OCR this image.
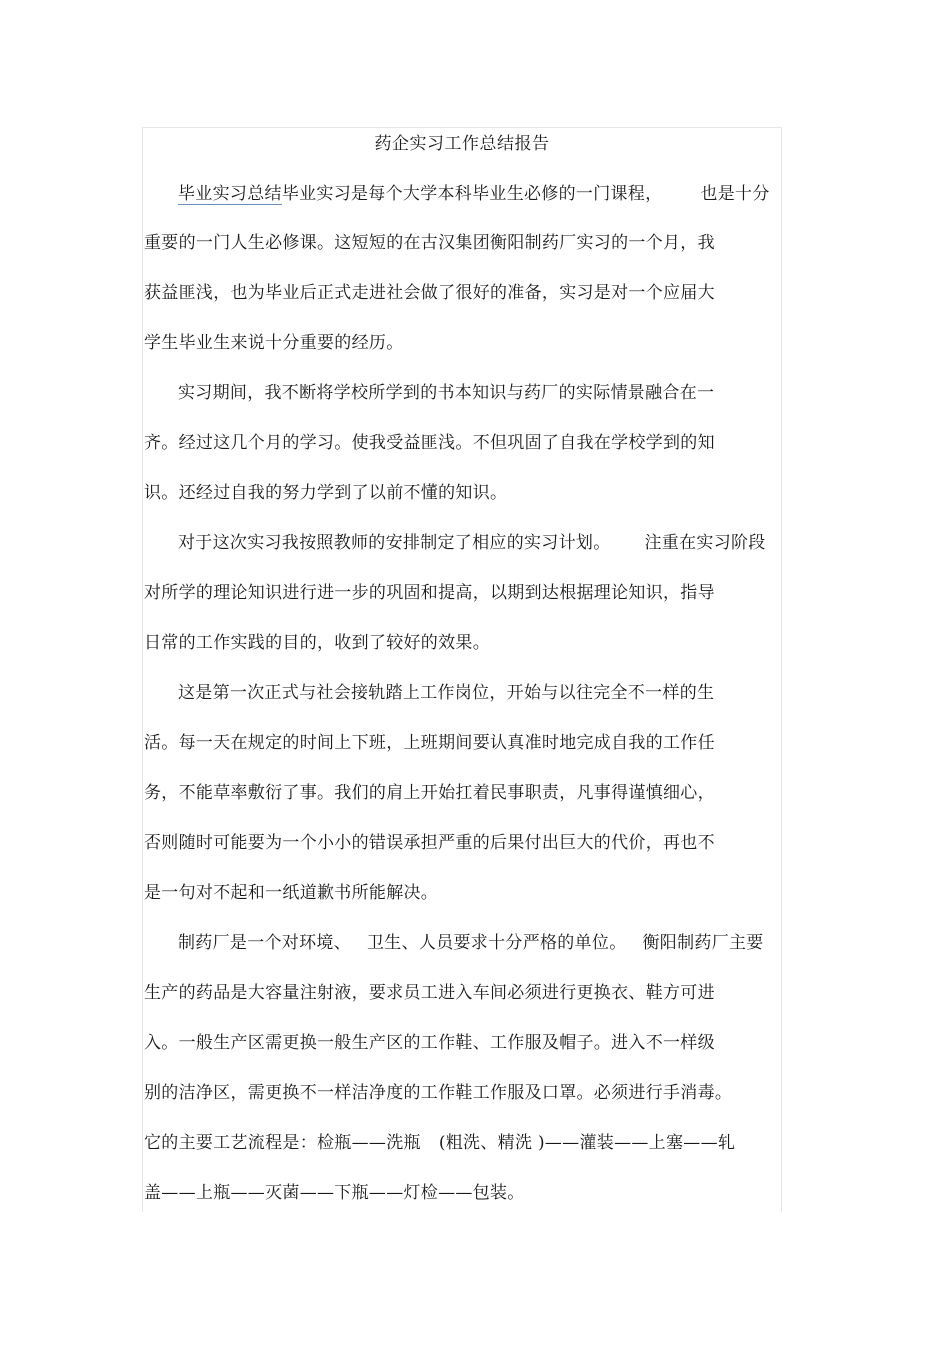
药企实习工作总结报告
毕业实习总结毕业实习是每个大学本科毕业生必修的一门课程， 也是十分
重要的一门人生必修课。这短短的在古汉集团衡阳制药厂实习的一个月，我
获益匪浅，也为毕业后正式走进社会做了很好的准备，实习是对一个应届大
学生毕业生来说十分重要的经历。
实习期间，我不断将学校所学到的书本知识与药厂的实际情景融合在一
齐。经过这几个月的学习。使我受益匪浅。不但巩固了自我在学校学到的知
识。还经过自我的努力学到了以前不懂的知识。
对于这次实习我按照教师的安排制定了相应的实习计划。 注重在实习阶段
对所学的理论知识进行进一步的巩固和提高，以期到达根据理论知识，指导
日常的工作实践的目的，收到了较好的效果。
这是第一次正式与社会接轨踏上工作岗位，开始与以往完全不一样的生
活。每一天在规定的时间上下班，上班期间要认真准时地完成自我的工作任
务，不能草率敷衍了事。我们的肩上开始扛着民事职责，凡事得谨慎细心，
否则随时可能要为一个小小的错误承担严重的后果付出巨大的代价，再也不
是一句对不起和一纸道歉书所能解决。
制药厂是一个对环境、 卫生、人员要求十分严格的单位。 衡阳制药厂主要
生产的药品是大容量注射液，要求员工进入车间必须进行更换衣、鞋方可进
入。一般生产区需更换一般生产区的工作鞋、工作服及帽子。进入不一样级
别的洁净区，需更换不一样洁净度的工作鞋工作服及口罩。必须进行手消毒。
它的主要工艺流程是：检瓶——洗瓶 (粗洗、精洗 )——灌装——上塞——轧
盖——上瓶——灭菌——下瓶——灯检——包装。
